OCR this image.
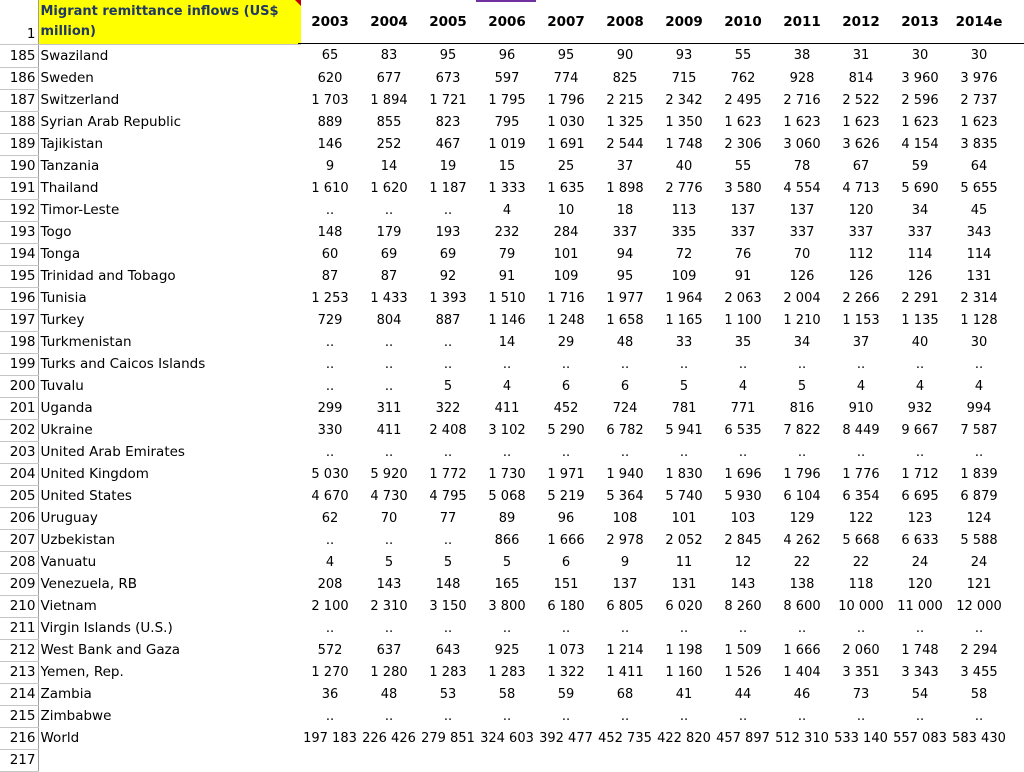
1	Migrant remittance inflows (US$ million)	2003	2004	2005	2006	2007	2008	2009	2010	2011	2012	2013	2014e
185	Swaziland	65	83	95	96	95	90	93	55	38	31	30	30
186	Sweden	620	677	673	597	774	825	715	762	928	814	3 960	3 976
187	Switzerland	1 703	1 894	1 721	1 795	1 796	2 215	2 342	2 495	2 716	2 522	2 596	2 737
188	Syrian Arab Republic	889	855	823	795	1 030	1 325	1 350	1 623	1 623	1 623	1 623	1 623
189	Tajikistan	146	252	467	1 019	1 691	2 544	1 748	2 306	3 060	3 626	4 154	3 835
190	Tanzania	9	14	19	15	25	37	40	55	78	67	59	64
191	Thailand	1 610	1 620	1 187	1 333	1 635	1 898	2 776	3 580	4 554	4 713	5 690	5 655
192	Timor-Leste	..	..	..	4	10	18	113	137	137	120	34	45
193	Togo	148	179	193	232	284	337	335	337	337	337	337	343
194	Tonga	60	69	69	79	101	94	72	76	70	112	114	114
195	Trinidad and Tobago	87	87	92	91	109	95	109	91	126	126	126	131
196	Tunisia	1 253	1 433	1 393	1 510	1 716	1 977	1 964	2 063	2 004	2 266	2 291	2 314
197	Turkey	729	804	887	1 146	1 248	1 658	1 165	1 100	1 210	1 153	1 135	1 128
198	Turkmenistan	..	..	..	14	29	48	33	35	34	37	40	30
199	Turks and Caicos Islands	..	..	..	..	..	..	..	..	..	..	..	..
200	Tuvalu	..	..	5	4	6	6	5	4	5	4	4	4
201	Uganda	299	311	322	411	452	724	781	771	816	910	932	994
202	Ukraine	330	411	2 408	3 102	5 290	6 782	5 941	6 535	7 822	8 449	9 667	7 587
203	United Arab Emirates	..	..	..	..	..	..	..	..	..	..	..	..
204	United Kingdom	5 030	5 920	1 772	1 730	1 971	1 940	1 830	1 696	1 796	1 776	1 712	1 839
205	United States	4 670	4 730	4 795	5 068	5 219	5 364	5 740	5 930	6 104	6 354	6 695	6 879
206	Uruguay	62	70	77	89	96	108	101	103	129	122	123	124
207	Uzbekistan	..	..	..	866	1 666	2 978	2 052	2 845	4 262	5 668	6 633	5 588
208	Vanuatu	4	5	5	5	6	9	11	12	22	22	24	24
209	Venezuela, RB	208	143	148	165	151	137	131	143	138	118	120	121
210	Vietnam	2 100	2 310	3 150	3 800	6 180	6 805	6 020	8 260	8 600	10 000	11 000	12 000
211	Virgin Islands (U.S.)	..	..	..	..	..	..	..	..	..	..	..	..
212	West Bank and Gaza	572	637	643	925	1 073	1 214	1 198	1 509	1 666	2 060	1 748	2 294
213	Yemen, Rep.	1 270	1 280	1 283	1 283	1 322	1 411	1 160	1 526	1 404	3 351	3 343	3 455
214	Zambia	36	48	53	58	59	68	41	44	46	73	54	58
215	Zimbabwe	..	..	..	..	..	..	..	..	..	..	..	..
216	World	197 183	226 426	279 851	324 603	392 477	452 735	422 820	457 897	512 310	533 140	557 083	583 430
217													
